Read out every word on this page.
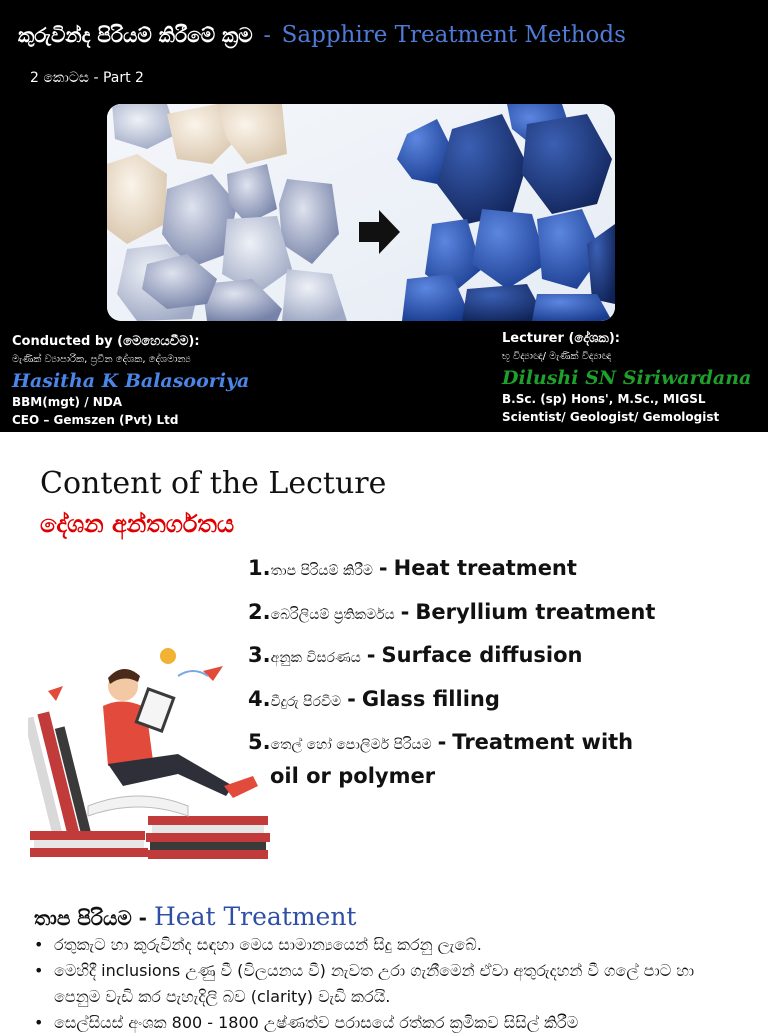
කුරුවින්ද පිරියම් කිරීමේ ක්‍රම - Sapphire Treatment Methods
2 කොටස - Part 2
Conducted by (මෙහෙයවීම):
මැණික් ව්‍යාපාරික, ප්‍රවීන දේශක, දේශමාන්‍ය
Hasitha K Balasooriya
BBM(mgt) / NDA
CEO – Gemszen (Pvt) Ltd
Lecturer (දේශක):
භූ විද්‍යාඥ/ මැණික් විද්‍යාඥ
Dilushi SN Siriwardana
B.Sc. (sp) Hons', M.Sc., MIGSL
Scientist/ Geologist/ Gemologist
Content of the Lecture
දේශන අන්තර්ගතය
1.තාප පිරියම් කිරීම - Heat treatment
2.බෙරිලියම් ප්‍රතිකර්මය - Beryllium treatment
3.අනුක විසරණය - Surface diffusion
4.වීදුරු පිරවීම - Glass filling
5.තෙල් හෝ පොලිමර් පිරියම - Treatment with
oil or polymer
තාප පිරියම - Heat Treatment
• රතුකැට හා කුරුවින්ද සඳහා මෙය සාමාන්‍යයෙන් සිදු කරනු ලැබේ.
• මෙහිදී inclusions උණු වී (විලයනය වී) නැවත උරා ගැනීමෙන් ඒවා අතුරුදහන් වී ගලේ පාට හා පෙනුම වැඩි කර පැහැදිලි බව (clarity) වැඩි කරයි.
• සෙල්සියස් අංශක 800 - 1800 උෂ්ණත්ව පරාසයේ රත්කර ක්‍රමිකව සිසිල් කිරීම
